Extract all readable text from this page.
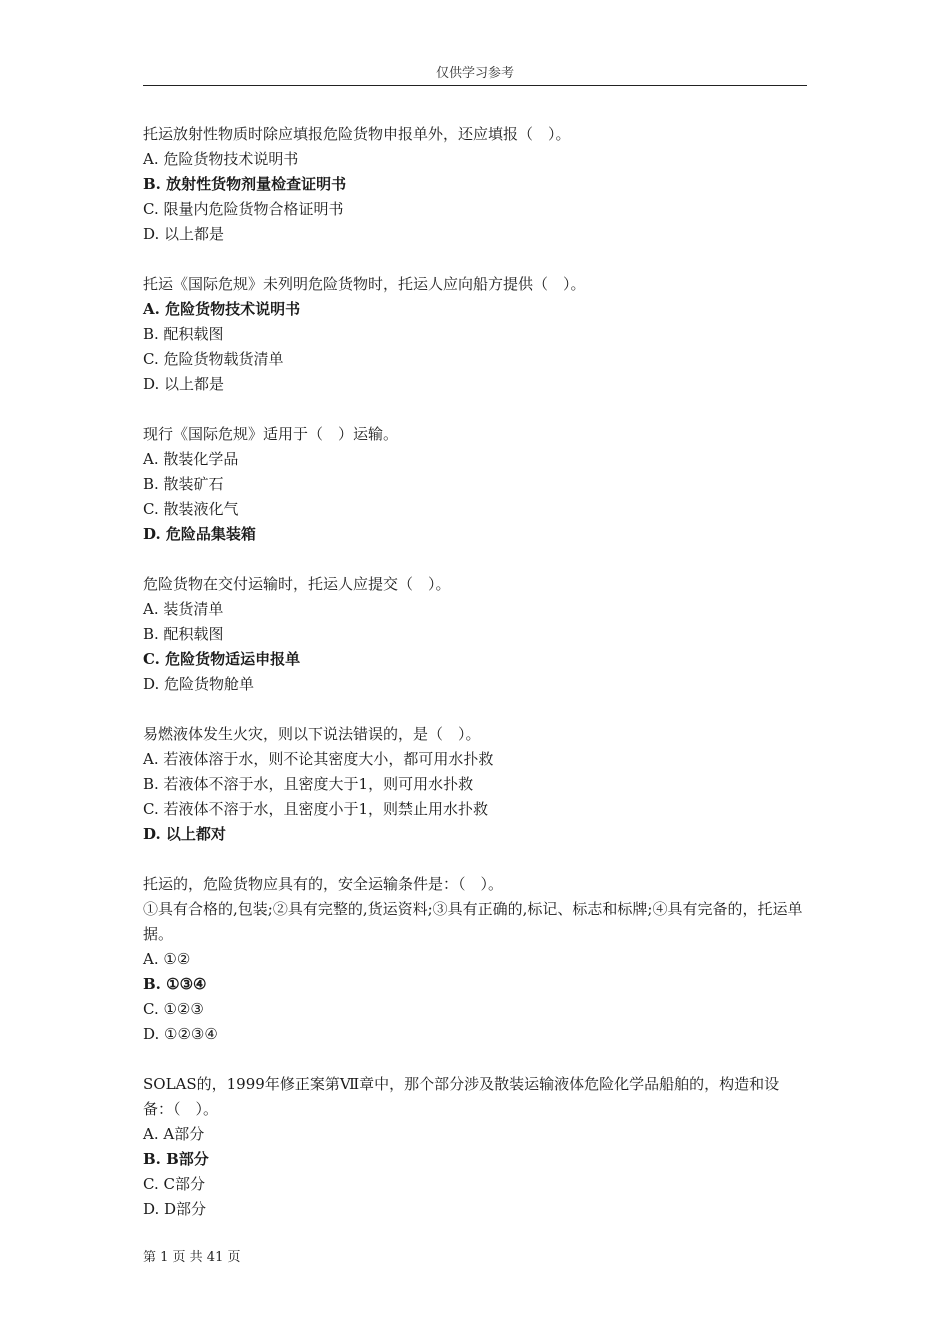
仅供学习参考

托运放射性物质时除应填报危险货物申报单外，还应填报（　）。

A. 危险货物技术说明书

B. 放射性货物剂量检查证明书

C. 限量内危险货物合格证明书

D. 以上都是

托运《国际危规》未列明危险货物时，托运人应向船方提供（　）。

A. 危险货物技术说明书

B. 配积载图

C. 危险货物载货清单

D. 以上都是

现行《国际危规》适用于（　）运输。

A. 散装化学品

B. 散装矿石

C. 散装液化气

D. 危险品集装箱

危险货物在交付运输时，托运人应提交（　）。

A. 装货清单

B. 配积载图

C. 危险货物适运申报单

D. 危险货物舱单

易燃液体发生火灾，则以下说法错误的，是（　）。

A. 若液体溶于水，则不论其密度大小，都可用水扑救

B. 若液体不溶于水，且密度大于1，则可用水扑救

C. 若液体不溶于水，且密度小于1，则禁止用水扑救

D. 以上都对

托运的，危险货物应具有的，安全运输条件是：（　）。
①具有合格的,包装;②具有完整的,货运资料;③具有正确的,标记、标志和标牌;④具有完备的，托运单据。

A. ①②

B. ①③④

C. ①②③

D. ①②③④

SOLAS的，1999年修正案第Ⅶ章中，那个部分涉及散装运输液体危险化学品船舶的，构造和设备：（　）。

A. A部分

B. B部分

C. C部分

D. D部分

第 1 页 共 41 页
